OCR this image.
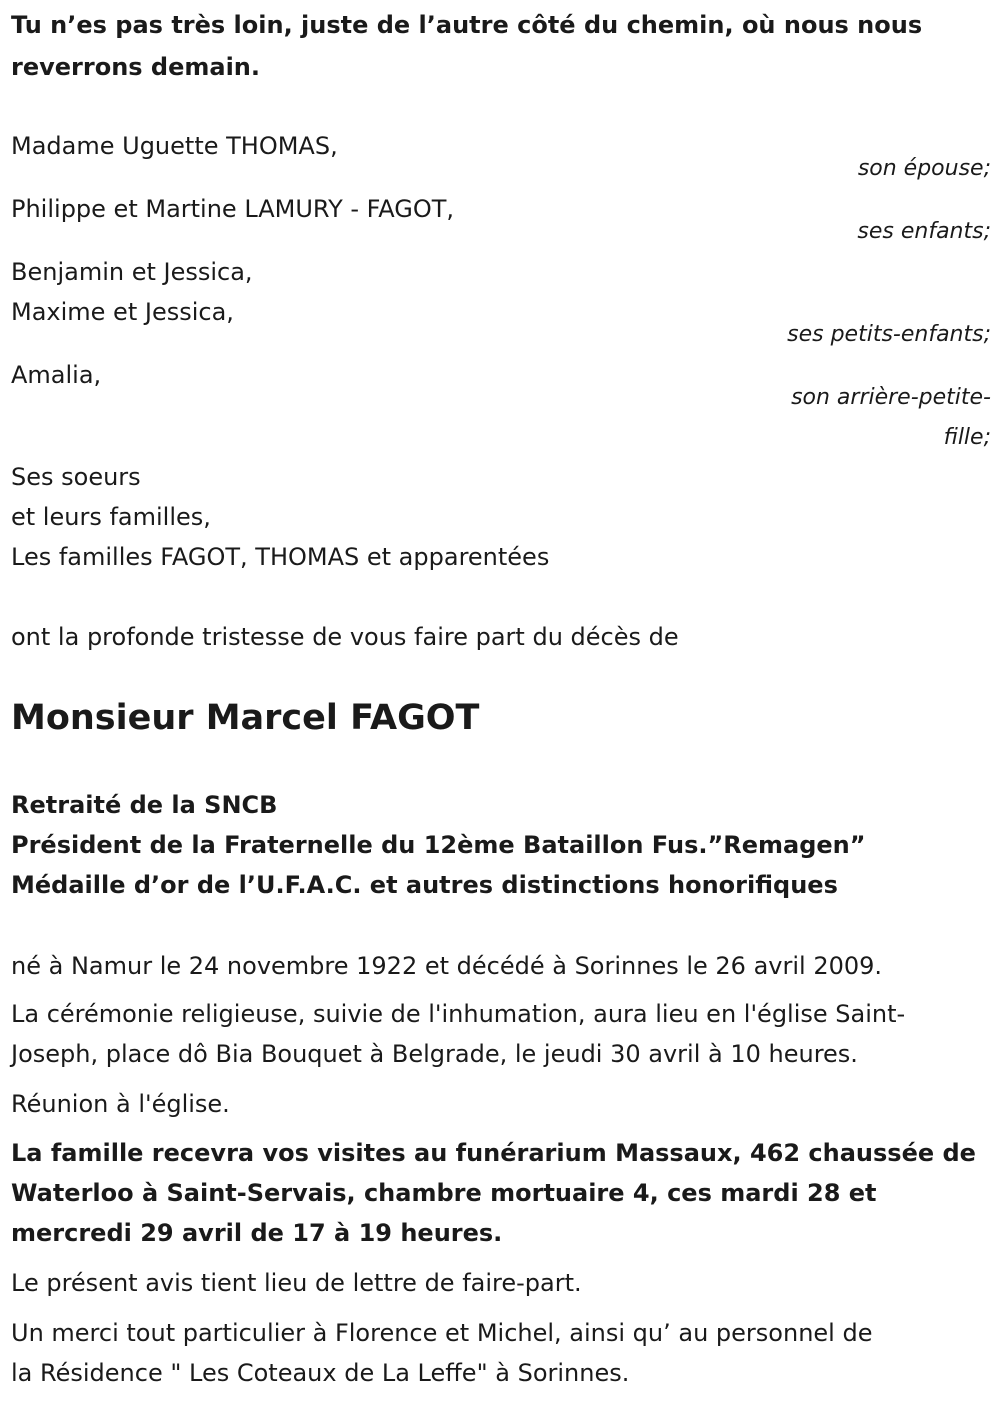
Tu n’es pas très loin, juste de l’autre côté du chemin, où nous nous

reverrons demain.

Madame Uguette THOMAS,

son épouse;

Philippe et Martine LAMURY - FAGOT,

ses enfants;

Benjamin et Jessica,

Maxime et Jessica,

ses petits-enfants;

Amalia,

son arrière-petite-

fille;

Ses soeurs

et leurs familles,

Les familles FAGOT, THOMAS et apparentées

ont la profonde tristesse de vous faire part du décès de

Monsieur Marcel FAGOT

Retraité de la SNCB

Président de la Fraternelle du 12ème Bataillon Fus.”Remagen”

Médaille d’or de l’U.F.A.C. et autres distinctions honorifiques

né à Namur le 24 novembre 1922 et décédé à Sorinnes le 26 avril 2009.

La cérémonie religieuse, suivie de l'inhumation, aura lieu en l'église Saint-

Joseph, place dô Bia Bouquet à Belgrade, le jeudi 30 avril à 10 heures.

Réunion à l'église.

La famille recevra vos visites au funérarium Massaux, 462 chaussée de

Waterloo à Saint-Servais, chambre mortuaire 4, ces mardi 28 et

mercredi 29 avril de 17 à 19 heures.

Le présent avis tient lieu de lettre de faire-part.

Un merci tout particulier à Florence et Michel, ainsi qu’ au personnel de

la Résidence " Les Coteaux de La Leffe" à Sorinnes.
